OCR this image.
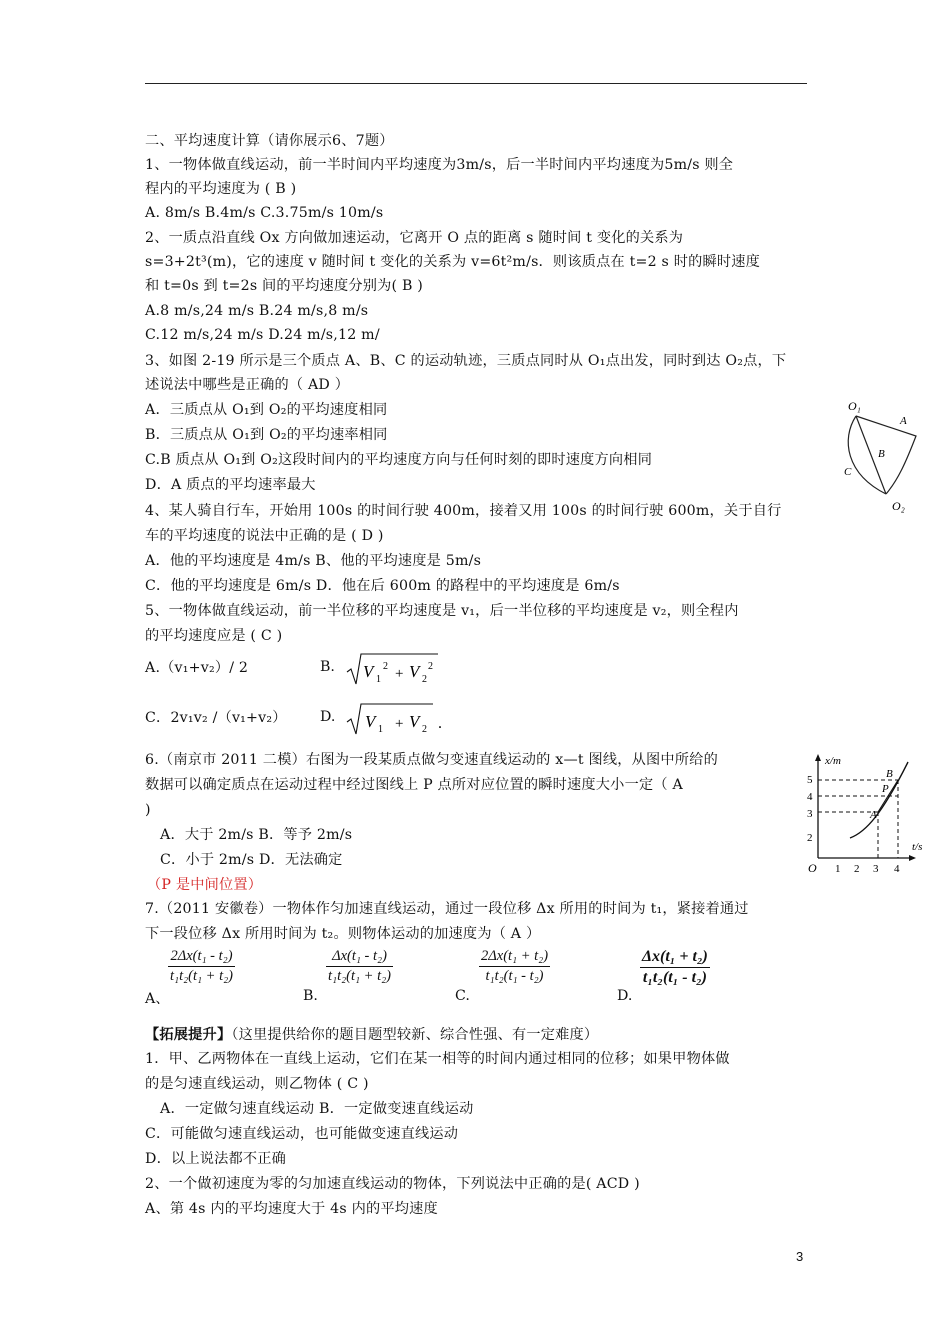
二、平均速度计算（请你展示6、7题）
1、一物体做直线运动，前一半时间内平均速度为3m/s，后一半时间内平均速度为5m/s 则全
程内的平均速度为 ( B )
A. 8m/s B.4m/s C.3.75m/s 10m/s
2、一质点沿直线 Ox 方向做加速运动，它离开 O 点的距离 s 随时间 t 变化的关系为
s=3+2t³(m)，它的速度 v 随时间 t 变化的关系为 v=6t²m/s．则该质点在 t=2 s 时的瞬时速度
和 t=0s 到 t=2s 间的平均速度分别为( B )
A.8 m/s,24 m/s B.24 m/s,8 m/s
C.12 m/s,24 m/s D.24 m/s,12 m/
3、如图 2-19 所示是三个质点 A、B、C 的运动轨迹，三质点同时从 O₁点出发，同时到达 O₂点，下
述说法中哪些是正确的（ AD ）
A．三质点从 O₁到 O₂的平均速度相同
B．三质点从 O₁到 O₂的平均速率相同
C.B 质点从 O₁到 O₂这段时间内的平均速度方向与任何时刻的即时速度方向相同
D．A 质点的平均速率最大
O₁
A
B
C
O₂
4、某人骑自行车，开始用 100s 的时间行驶 400m，接着又用 100s 的时间行驶 600m，关于自行
车的平均速度的说法中正确的是 ( D )
A．他的平均速度是 4m/s B、他的平均速度是 5m/s
C．他的平均速度是 6m/s D．他在后 600m 的路程中的平均速度是 6m/s
5、一物体做直线运动，前一半位移的平均速度是 v₁，后一半位移的平均速度是 v₂，则全程内
的平均速度应是 ( C )
A.（v₁+v₂）/ 2	B. V 1
2 + V 2
2
C．2v₁v₂ /（v₁+v₂） D. V 1 + V 2 .
6.（南京市 2011 二模）右图为一段某质点做匀变速直线运动的 x—t 图线，从图中所给的
数据可以确定质点在运动过程中经过图线上 P 点所对应位置的瞬时速度大小一定（ A
)
A．大于 2m/s B．等予 2m/s
C．小于 2m/s D．无法确定
（P 是中间位置）
x/m
t/s
O
2
3
4
5
1 2 3 4
A
B
P
7.（2011 安徽卷）一物体作匀加速直线运动，通过一段位移 Δx 所用的时间为 t₁，紧接着通过
下一段位移 Δx 所用时间为 t₂。则物体运动的加速度为（ A ）
A、
2Δx(t₁ - t₂)
t₁t₂(t₁ + t₂)
B.
Δx(t₁ - t₂)
t₁t₂(t₁ + t₂)
C.
2Δx(t₁ + t₂)
t₁t₂(t₁ - t₂)
D.
Δx(t₁ + t₂)
t₁t₂(t₁ - t₂)
【拓展提升】（这里提供给你的题目题型较新、综合性强、有一定难度）
1．甲、乙两物体在一直线上运动，它们在某一相等的时间内通过相同的位移；如果甲物体做
的是匀速直线运动，则乙物体 ( C )
A．一定做匀速直线运动 B．一定做变速直线运动
C．可能做匀速直线运动，也可能做变速直线运动
D．以上说法都不正确
2、一个做初速度为零的匀加速直线运动的物体，下列说法中正确的是( ACD )
A、第 4s 内的平均速度大于 4s 内的平均速度
3
